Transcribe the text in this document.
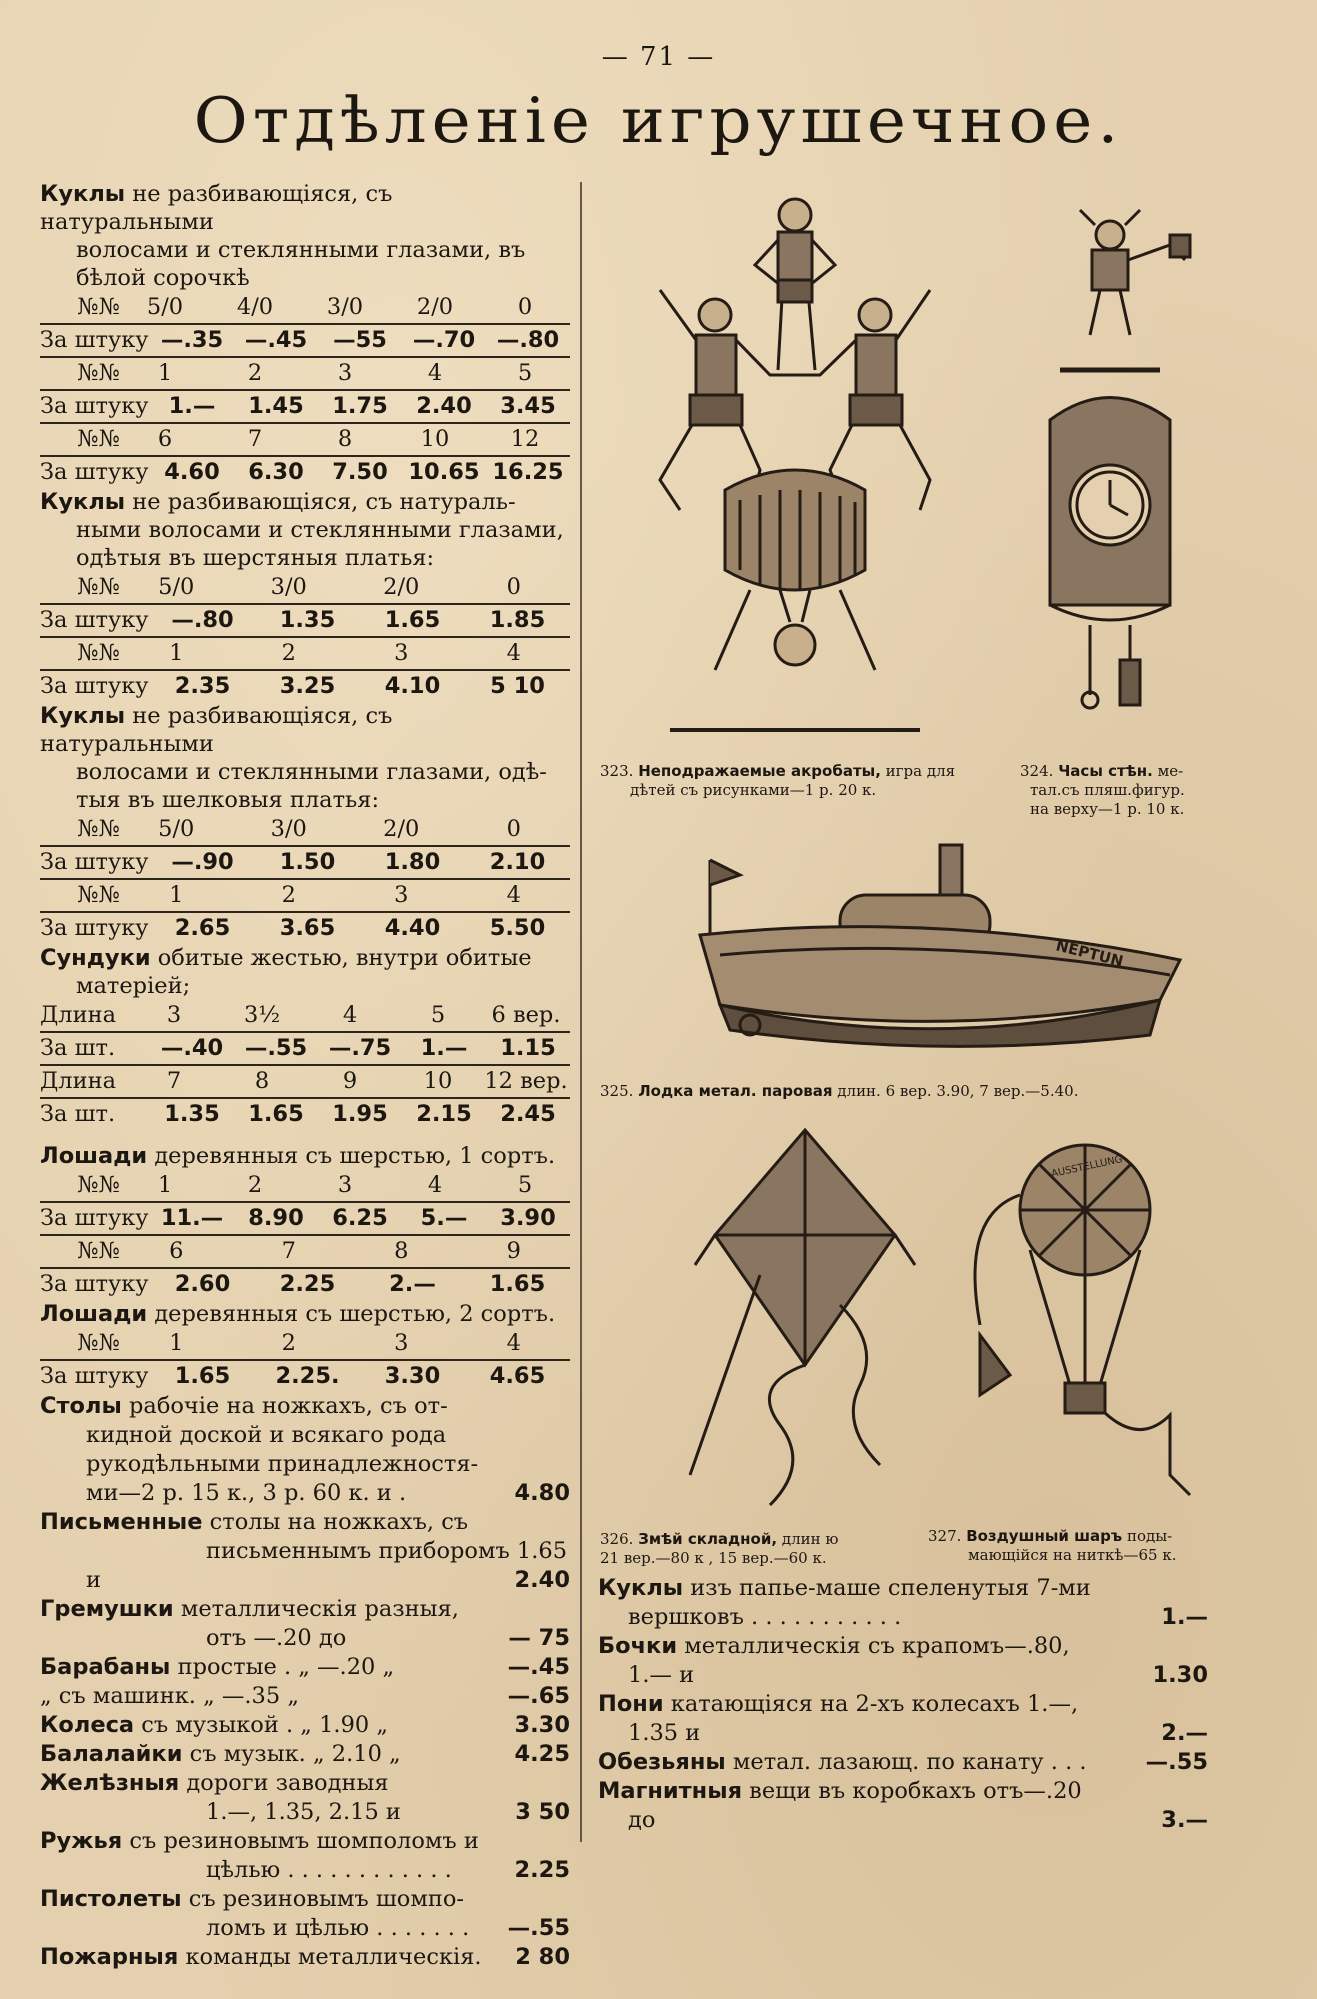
— 71 —
Отдѣленіе игрушечное.
Куклы не разбивающіяся, съ натуральными
волосами и стеклянными глазами, въ
бѣлой сорочкѣ
№№	5/0	4/0	3/0	2/0	0
За штуку —.35 —.45	—55	—.70 —.80
№№	1	2	3	4	5
За штуку 1.—	1.45	1.75	2.40	3.45
№№	6	7	8	10	12
За штуку 4.60	6.30	7.50 10.65 16.25
Куклы не разбивающіяся, съ натураль-
ными волосами и стеклянными глазами,
одѣтыя въ шерстяныя платья:
№№	5/0	3/0	2/0	0
За штуку	—.80	1.35	1.65	1.85
№№	1	2	3	4
За штуку	2.35	3.25	4.10	5 10
Куклы не разбивающіяся, съ натуральными
волосами и стеклянными глазами, одѣ-
тыя въ шелковыя платья:
№№	5/0	3/0	2/0	0
За штуку	—.90	1.50	1.80	2.10
№№	1	2	3	4
За штуку	2.65	3.65	4.40	5.50
Сундуки обитые жестью, внутри обитые
матеріей;
Длина	3	3½	4	5	6 вер.
За шт.	—.40 —.55 —.75	1.—	1.15
Длина	7	8	9	10	12 вер.
За шт.	1.35	1.65	1.95	2.15	2.45
Лошади деревянныя съ шерстью, 1 сортъ.
№№	1	2	3	4	5
За штуку 11.—	8.90	6.25	5.—	3.90
№№	6	7	8	9
За штуку	2.60	2.25	2.—	1.65
Лошади деревянныя съ шерстью, 2 сортъ.
№№	1	2	3	4
За штуку	1.65	2.25.	3.30	4.65
Столы рабочіе на ножкахъ, съ от-
кидной доской и всякаго рода
рукодѣльными принадлежностя-
ми—2 р. 15 к., 3 р. 60 к. и .	4.80
Письменные столы на ножкахъ, съ
письменнымъ приборомъ 1.65 и	2.40
Гремушки металлическія разныя,
отъ —.20 до	— 75
Барабаны простые . „ —.20 „	—.45
„ съ машинк. „ —.35 „	—.65
Колеса съ музыкой . „ 1.90 „	3.30
Балалайки съ музык. „ 2.10 „	4.25
Желѣзныя дороги заводныя
1.—, 1.35, 2.15 и	3 50
Ружья съ резиновымъ шомполомъ и
цѣлью . . . . . . . . . . . .	2.25
Пистолеты съ резиновымъ шомпо-
ломъ и цѣлью . . . . . . . —.55
Пожарныя команды металлическія. 2 80
323. Неподражаемые акробаты, игра для
дѣтей съ рисунками—1 р. 20 к.
324. Часы стѣн. ме-
тал.съ пляш.фигур.
на верху—1 р. 10 к.
NEPTUN
325. Лодка метал. паровая длин. 6 вер. 3.90, 7 вер.—5.40.
326. Змѣй складной, длин ю
21 вер.—80 к , 15 вер.—60 к.
AUSSTELLUNG
327. Воздушный шаръ поды-
мающійся на ниткѣ—65 к.
Куклы изъ папье-маше спеленутыя 7-ми
вершковъ . . . . . . . . . . .	1.—
Бочки металлическія съ крапомъ—.80,
1.— и	1.30
Пони катающіяся на 2-хъ колесахъ 1.—,
1.35 и	2.—
Обезьяны метал. лазающ. по канату . . .	—.55
Магнитныя вещи въ коробкахъ отъ—.20
до	3.—
